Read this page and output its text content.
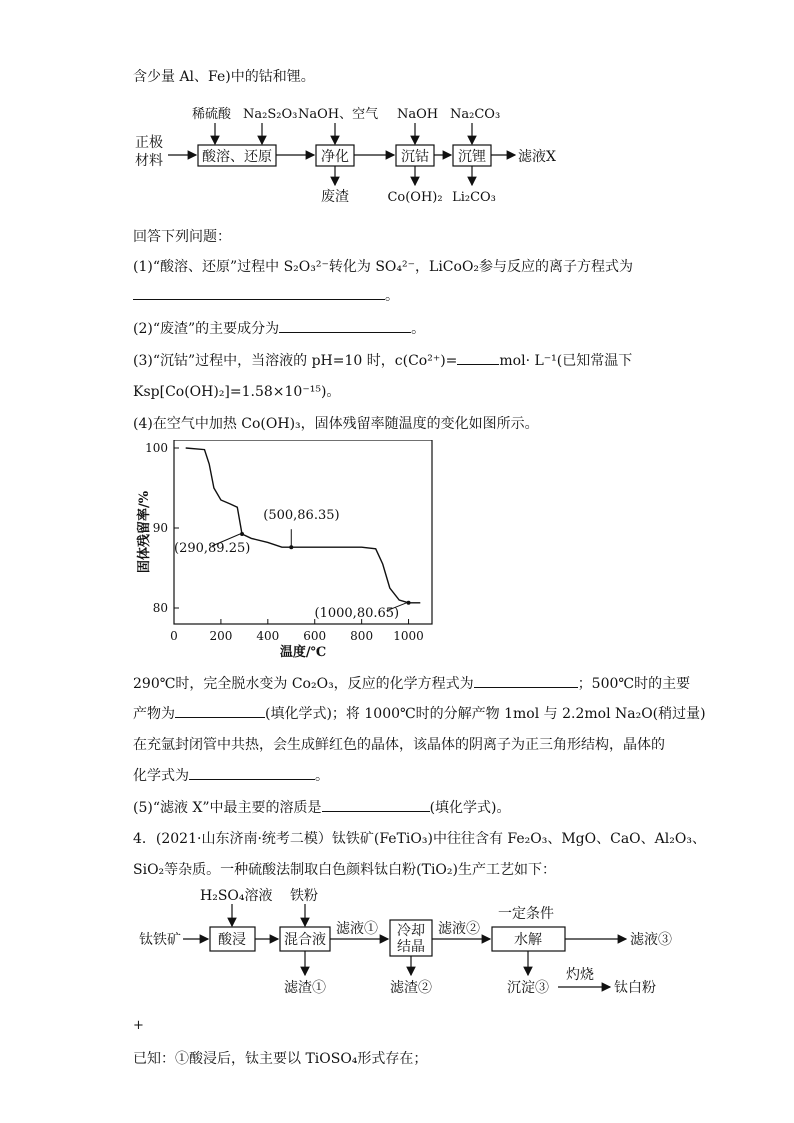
含少量 Al、Fe)中的钴和锂。
正极
材料
稀硫酸 Na₂S₂O₃ NaOH、空气 NaOH Na₂CO₃
酸溶、还原	净化	沉钴 沉锂 滤液X
废渣	Co(OH)₂ Li₂CO₃
回答下列问题：
(1)“酸溶、还原”过程中 S₂O₃²⁻转化为 SO₄²⁻，LiCoO₂参与反应的离子方程式为
。
(2)“废渣”的主要成分为	。
(3)“沉钴”过程中，当溶液的 pH=10 时，c(Co²⁺)=	mol· L⁻¹(已知常温下
Ksp[Co(OH)₂]=1.58×10⁻¹⁵)。
(4)在空气中加热 Co(OH)₃，固体残留率随温度的变化如图所示。
0	200 400 600 800 1000
80
90
100
温度/℃
固体残留率/% (290,89.25)
(500,86.35)
(1000,80.65)
290℃时，完全脱水变为 Co₂O₃，反应的化学方程式为	；500℃时的主要
产物为	(填化学式)；将 1000℃时的分解产物 1mol 与 2.2mol Na₂O(稍过量)
在充氩封闭管中共热，会生成鲜红色的晶体，该晶体的阴离子为正三角形结构，晶体的
化学式为	。
(5)“滤液 X”中最主要的溶质是	(填化学式)。
4．(2021·山东济南·统考二模）钛铁矿(FeTiO₃)中往往含有 Fe₂O₃、MgO、CaO、Al₂O₃、
SiO₂等杂质。一种硫酸法制取白色颜料钛白粉(TiO₂)生产工艺如下：
H₂SO₄溶液 铁粉
一定条件
钛铁矿	酸浸	混合液
滤液① 冷却
结晶
滤液②
水解	滤液③
滤渣①	滤渣②	沉淀③
灼烧
钛白粉
+
已知：①酸浸后，钛主要以 TiOSO₄形式存在；
